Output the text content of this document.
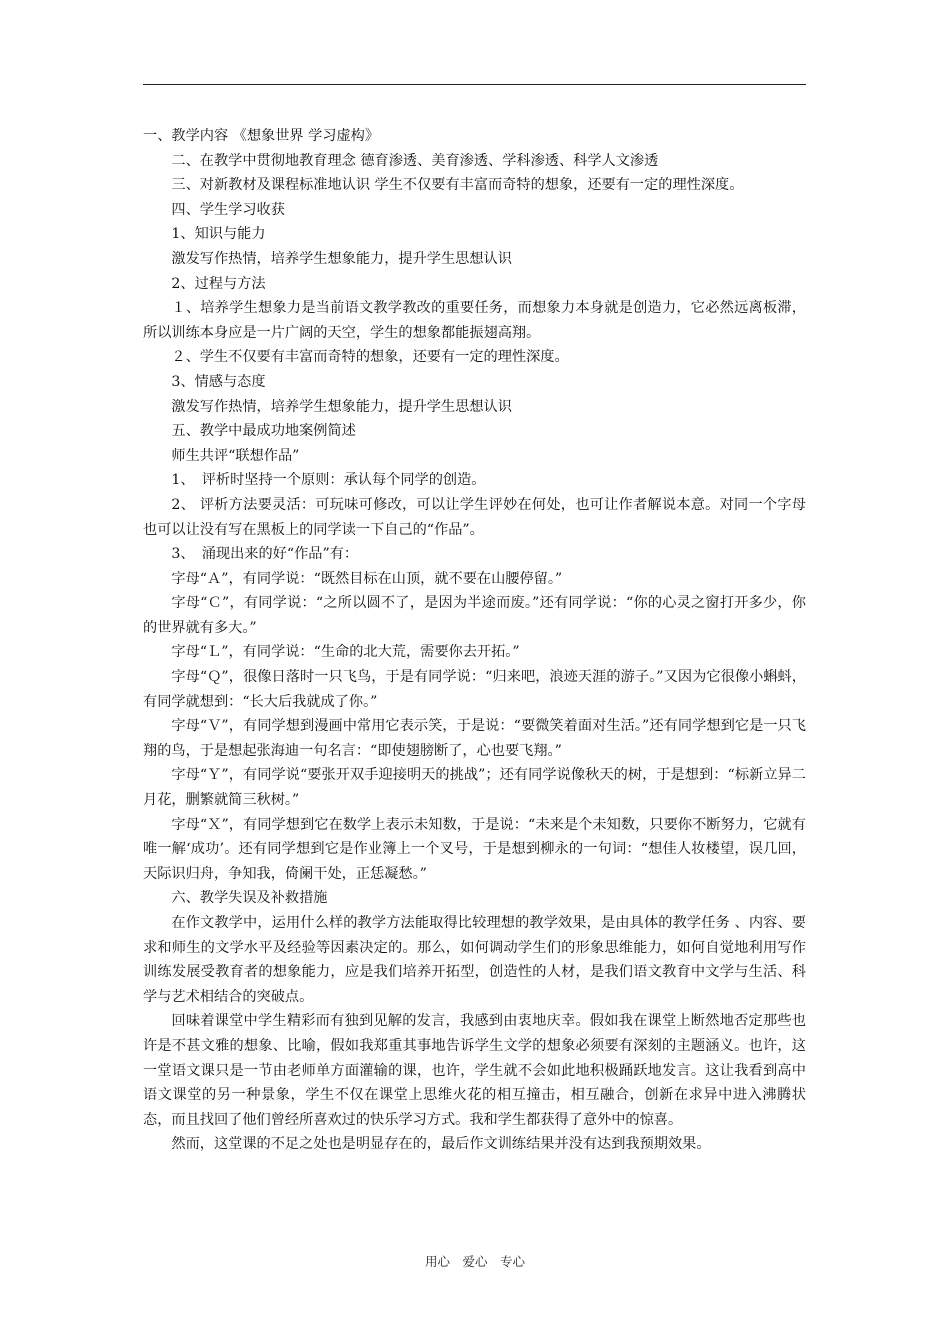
一、教学内容 《想象世界 学习虚构》

二、在教学中贯彻地教育理念 德育渗透、美育渗透、学科渗透、科学人文渗透

三、对新教材及课程标准地认识 学生不仅要有丰富而奇特的想象，还要有一定的理性深度。

四、学生学习收获

1、知识与能力

激发写作热情，培养学生想象能力，提升学生思想认识

2、过程与方法

１、培养学生想象力是当前语文教学教改的重要任务，而想象力本身就是创造力，它必然远离板滞，所以训练本身应是一片广阔的天空，学生的想象都能振翅高翔。

２、学生不仅要有丰富而奇特的想象，还要有一定的理性深度。

3、情感与态度

激发写作热情，培养学生想象能力，提升学生思想认识

五、教学中最成功地案例简述

师生共评“联想作品”

1、　评析时坚持一个原则：承认每个同学的创造。

2、 评析方法要灵活：可玩味可修改，可以让学生评妙在何处，也可让作者解说本意。对同一个字母也可以让没有写在黑板上的同学读一下自己的“作品”。

3、　涌现出来的好“作品”有：

字母“Ａ”，有同学说：“既然目标在山顶，就不要在山腰停留。”

字母“Ｃ”，有同学说：“之所以圆不了，是因为半途而废。”还有同学说：“你的心灵之窗打开多少，你的世界就有多大。”

字母“Ｌ”，有同学说：“生命的北大荒，需要你去开拓。”

字母“Ｑ”，很像日落时一只飞鸟，于是有同学说：“归来吧，浪迹天涯的游子。”又因为它很像小蝌蚪，有同学就想到：“长大后我就成了你。”

字母“Ｖ”，有同学想到漫画中常用它表示笑，于是说：“要微笑着面对生活。”还有同学想到它是一只飞翔的鸟，于是想起张海迪一句名言：“即使翅膀断了，心也要飞翔。”

字母“Ｙ”，有同学说“要张开双手迎接明天的挑战”；还有同学说像秋天的树，于是想到：“标新立异二月花，删繁就简三秋树。”

字母“Ｘ”，有同学想到它在数学上表示未知数，于是说：“未来是个未知数，只要你不断努力，它就有唯一解‘成功’。还有同学想到它是作业簿上一个叉号，于是想到柳永的一句词：“想佳人妆楼望，误几回，天际识归舟，争知我，倚阑干处，正恁凝愁。”

六、教学失误及补救措施

在作文教学中，运用什么样的教学方法能取得比较理想的教学效果，是由具体的教学任务 、内容、要求和师生的文学水平及经验等因素决定的。那么，如何调动学生们的形象思维能力，如何自觉地利用写作训练发展受教育者的想象能力，应是我们培养开拓型，创造性的人材，是我们语文教育中文学与生活、科学与艺术相结合的突破点。

回味着课堂中学生精彩而有独到见解的发言，我感到由衷地庆幸。假如我在课堂上断然地否定那些也许是不甚文雅的想象、比喻，假如我郑重其事地告诉学生文学的想象必须要有深刻的主题涵义。也许，这一堂语文课只是一节由老师单方面灌输的课，也许，学生就不会如此地积极踊跃地发言。这让我看到高中语文课堂的另一种景象，学生不仅在课堂上思维火花的相互撞击，相互融合，创新在求异中进入沸腾状态，而且找回了他们曾经所喜欢过的快乐学习方式。我和学生都获得了意外中的惊喜。

然而，这堂课的不足之处也是明显存在的，最后作文训练结果并没有达到我预期效果。

用心　爱心　专心
